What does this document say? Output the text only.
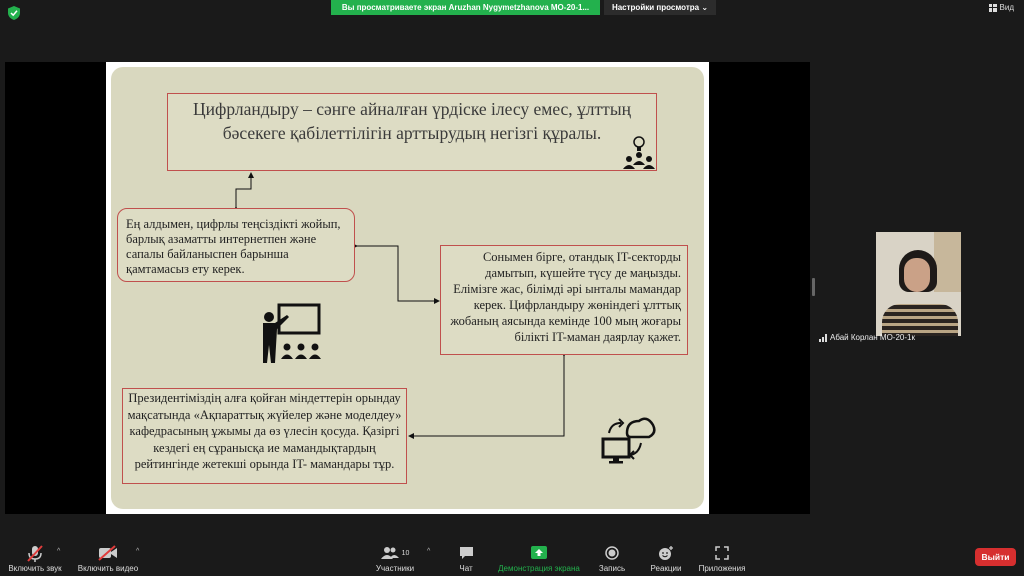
Вы просматриваете экран Aruzhan Nygymetzhanova МО-20-1...	Настройки просмотра ⌄	Вид
Цифрландыру – сәнге айналған үрдіске ілесу емес, ұлттың бәсекеге қабілеттілігін арттырудың негізгі құралы.
Ең алдымен, цифрлы теңсіздікті жойып, барлық азаматты интернетпен және сапалы байланыспен барынша қамтамасыз ету керек.
Сонымен бірге, отандық IT-секторды дамытып, күшейте түсу де маңызды. Елімізге жас, білімді әрі ынталы мамандар керек. Цифрландыру жөніндегі ұлттық жобаның аясында кемінде 100 мың жоғары білікті IT-маман даярлау қажет.
Президентіміздің алға қойған міндеттерін орындау мақсатында «Ақпараттық жүйелер және моделдеу» кафедрасының ұжымы да өз үлесін қосуда. Қазіргі кездегі ең сұранысқа ие мамандықтардың рейтингінде жетекші орында IT- мамандары тұр.
Абай Корлан МО-20-1к
Включить звук
^
Включить видео
^	10
Участники
^
Чат	Демонстрация экрана	Запись	Реакции	Приложения
Выйти
